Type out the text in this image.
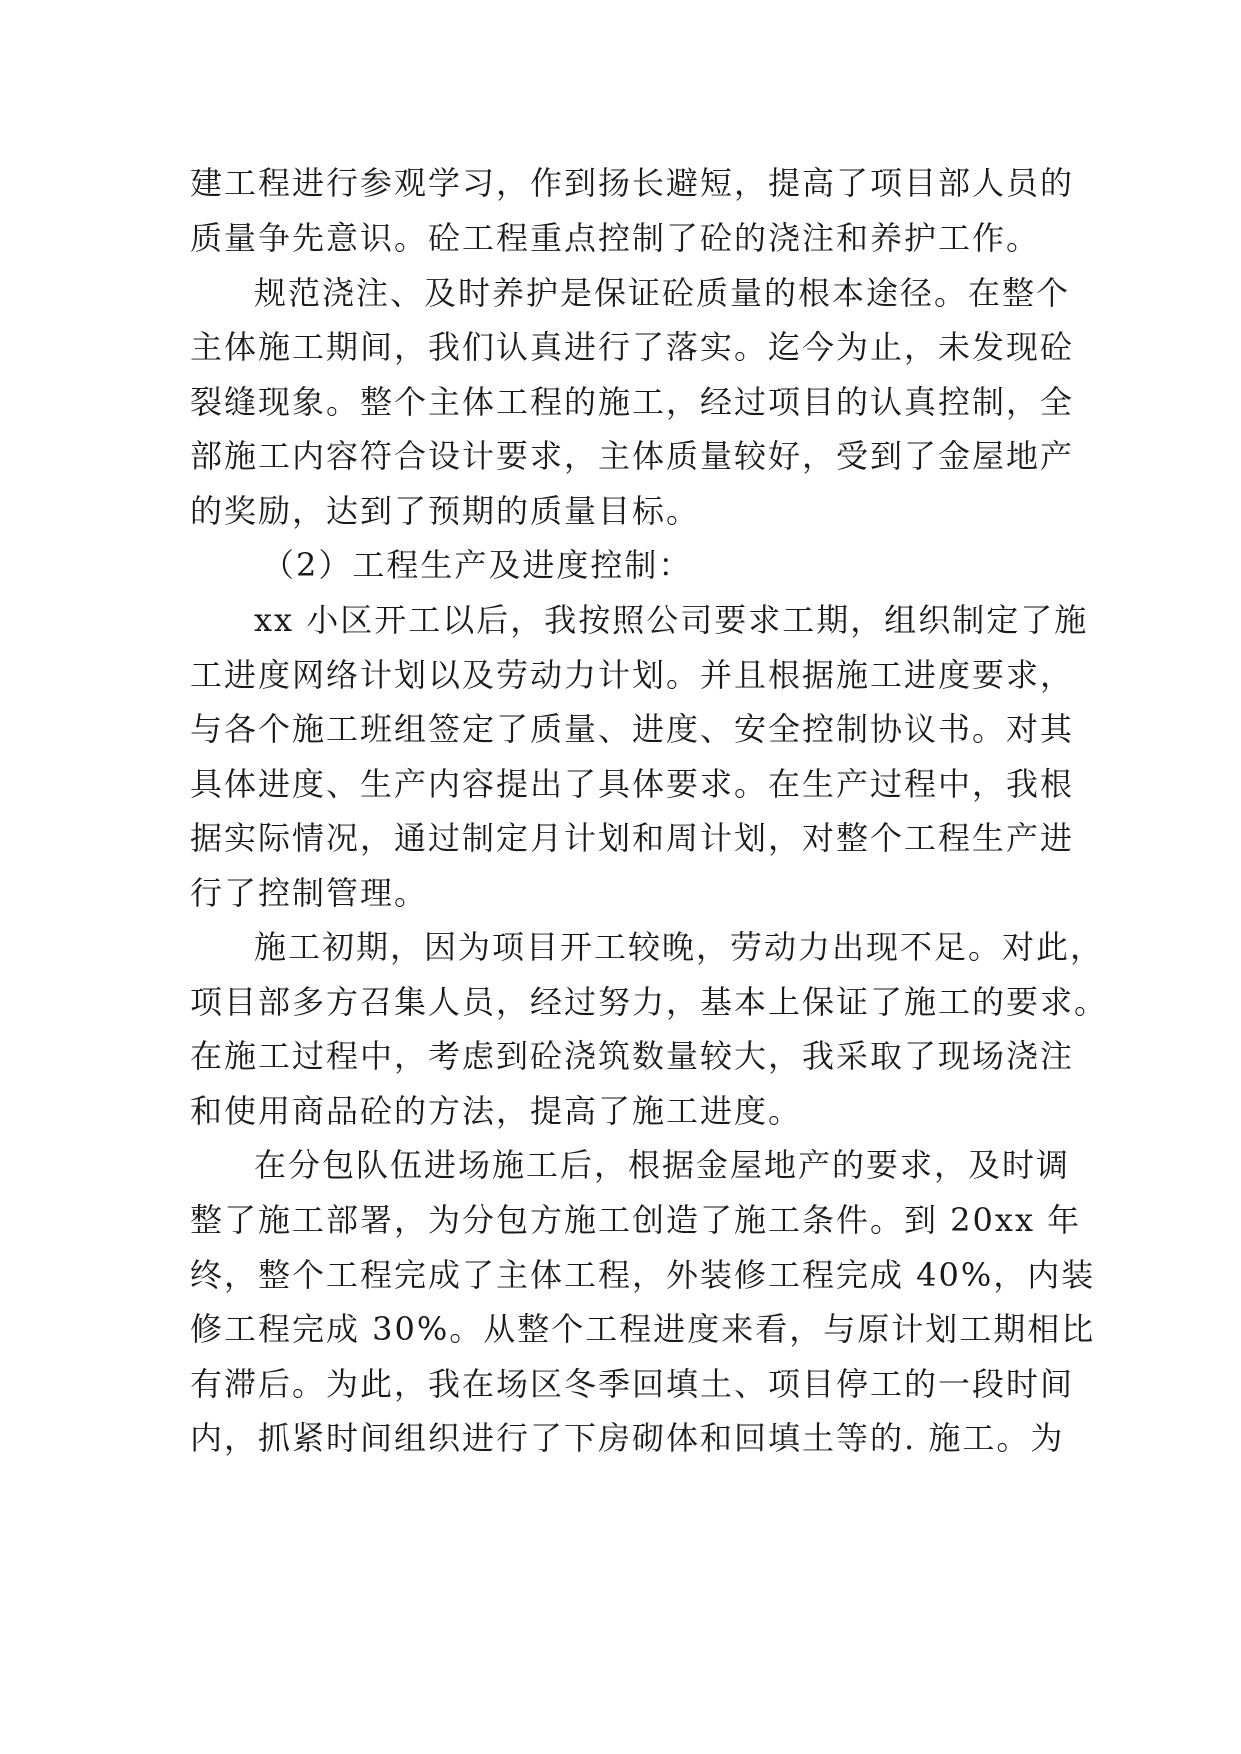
建工程进行参观学习，作到扬长避短，提高了项目部人员的
质量争先意识。砼工程重点控制了砼的浇注和养护工作。
规范浇注、及时养护是保证砼质量的根本途径。在整个
主体施工期间，我们认真进行了落实。迄今为止，未发现砼
裂缝现象。整个主体工程的施工，经过项目的认真控制，全
部施工内容符合设计要求，主体质量较好，受到了金屋地产
的奖励，达到了预期的质量目标。
（2）工程生产及进度控制：
xx 小区开工以后，我按照公司要求工期，组织制定了施
工进度网络计划以及劳动力计划。并且根据施工进度要求，
与各个施工班组签定了质量、进度、安全控制协议书。对其
具体进度、生产内容提出了具体要求。在生产过程中，我根
据实际情况，通过制定月计划和周计划，对整个工程生产进
行了控制管理。
施工初期，因为项目开工较晚，劳动力出现不足。对此，
项目部多方召集人员，经过努力，基本上保证了施工的要求。
在施工过程中，考虑到砼浇筑数量较大，我采取了现场浇注
和使用商品砼的方法，提高了施工进度。
在分包队伍进场施工后，根据金屋地产的要求，及时调
整了施工部署，为分包方施工创造了施工条件。到 20xx 年
终，整个工程完成了主体工程，外装修工程完成 40%，内装
修工程完成 30%。从整个工程进度来看，与原计划工期相比
有滞后。为此，我在场区冬季回填土、项目停工的一段时间
内，抓紧时间组织进行了下房砌体和回填土等的. 施工。为
